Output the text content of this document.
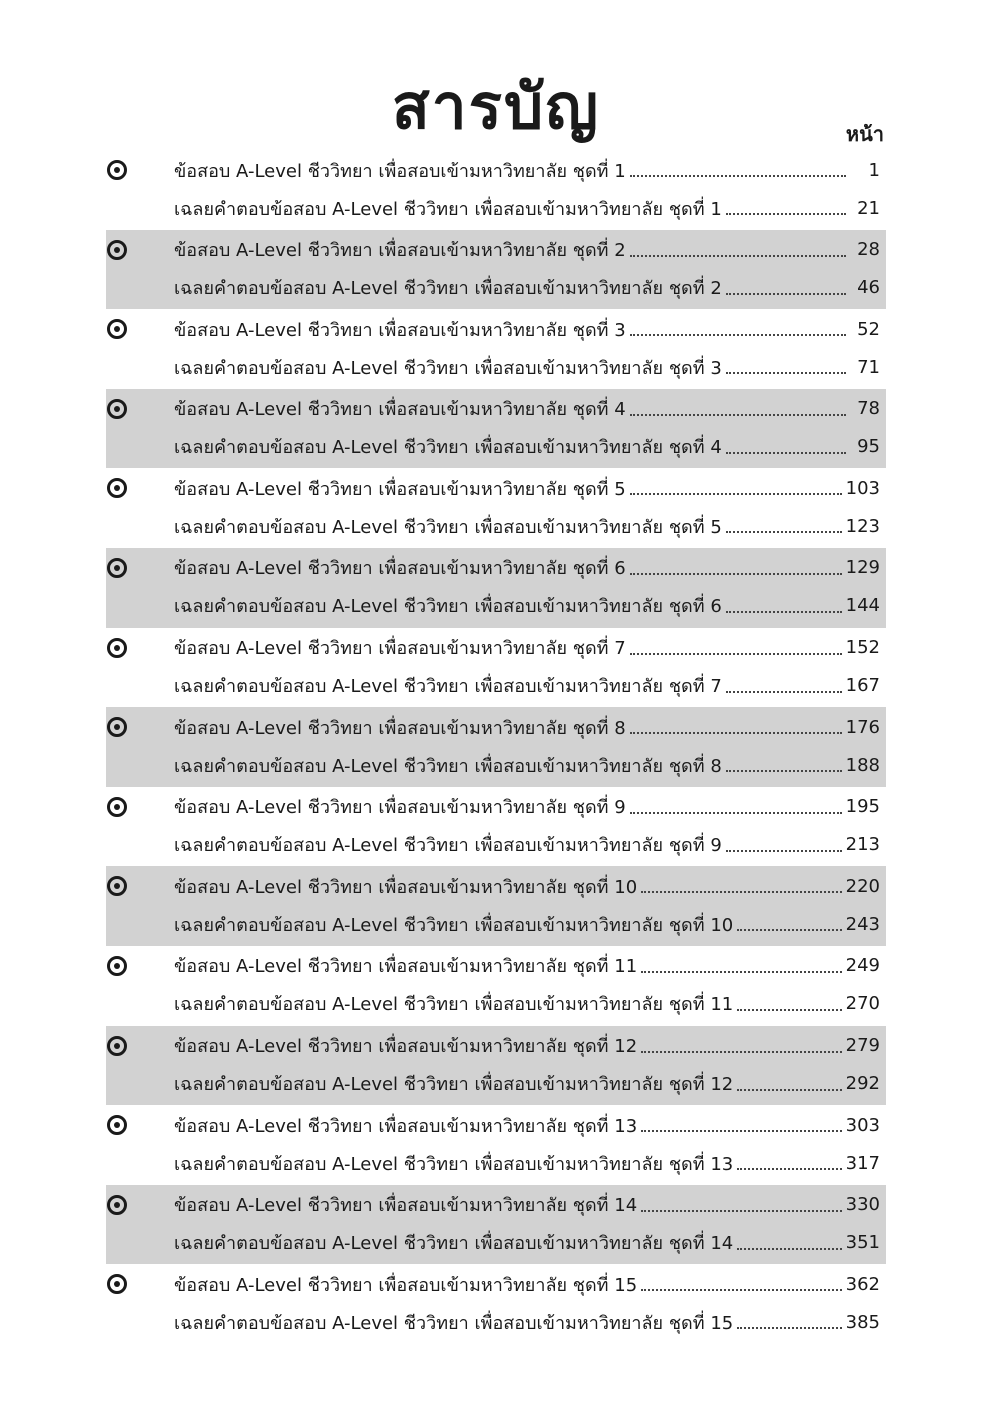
สารบัญ	หน้า
ข้อสอบ A-Level ชีววิทยา เพื่อสอบเข้ามหาวิทยาลัย ชุดที่ 1	1
เฉลยคำตอบข้อสอบ A-Level ชีววิทยา เพื่อสอบเข้ามหาวิทยาลัย ชุดที่ 1	21
ข้อสอบ A-Level ชีววิทยา เพื่อสอบเข้ามหาวิทยาลัย ชุดที่ 2	28
เฉลยคำตอบข้อสอบ A-Level ชีววิทยา เพื่อสอบเข้ามหาวิทยาลัย ชุดที่ 2	46
ข้อสอบ A-Level ชีววิทยา เพื่อสอบเข้ามหาวิทยาลัย ชุดที่ 3	52
เฉลยคำตอบข้อสอบ A-Level ชีววิทยา เพื่อสอบเข้ามหาวิทยาลัย ชุดที่ 3	71
ข้อสอบ A-Level ชีววิทยา เพื่อสอบเข้ามหาวิทยาลัย ชุดที่ 4	78
เฉลยคำตอบข้อสอบ A-Level ชีววิทยา เพื่อสอบเข้ามหาวิทยาลัย ชุดที่ 4	95
ข้อสอบ A-Level ชีววิทยา เพื่อสอบเข้ามหาวิทยาลัย ชุดที่ 5	103
เฉลยคำตอบข้อสอบ A-Level ชีววิทยา เพื่อสอบเข้ามหาวิทยาลัย ชุดที่ 5	123
ข้อสอบ A-Level ชีววิทยา เพื่อสอบเข้ามหาวิทยาลัย ชุดที่ 6	129
เฉลยคำตอบข้อสอบ A-Level ชีววิทยา เพื่อสอบเข้ามหาวิทยาลัย ชุดที่ 6	144
ข้อสอบ A-Level ชีววิทยา เพื่อสอบเข้ามหาวิทยาลัย ชุดที่ 7	152
เฉลยคำตอบข้อสอบ A-Level ชีววิทยา เพื่อสอบเข้ามหาวิทยาลัย ชุดที่ 7	167
ข้อสอบ A-Level ชีววิทยา เพื่อสอบเข้ามหาวิทยาลัย ชุดที่ 8	176
เฉลยคำตอบข้อสอบ A-Level ชีววิทยา เพื่อสอบเข้ามหาวิทยาลัย ชุดที่ 8	188
ข้อสอบ A-Level ชีววิทยา เพื่อสอบเข้ามหาวิทยาลัย ชุดที่ 9	195
เฉลยคำตอบข้อสอบ A-Level ชีววิทยา เพื่อสอบเข้ามหาวิทยาลัย ชุดที่ 9	213
ข้อสอบ A-Level ชีววิทยา เพื่อสอบเข้ามหาวิทยาลัย ชุดที่ 10	220
เฉลยคำตอบข้อสอบ A-Level ชีววิทยา เพื่อสอบเข้ามหาวิทยาลัย ชุดที่ 10	243
ข้อสอบ A-Level ชีววิทยา เพื่อสอบเข้ามหาวิทยาลัย ชุดที่ 11	249
เฉลยคำตอบข้อสอบ A-Level ชีววิทยา เพื่อสอบเข้ามหาวิทยาลัย ชุดที่ 11	270
ข้อสอบ A-Level ชีววิทยา เพื่อสอบเข้ามหาวิทยาลัย ชุดที่ 12	279
เฉลยคำตอบข้อสอบ A-Level ชีววิทยา เพื่อสอบเข้ามหาวิทยาลัย ชุดที่ 12	292
ข้อสอบ A-Level ชีววิทยา เพื่อสอบเข้ามหาวิทยาลัย ชุดที่ 13	303
เฉลยคำตอบข้อสอบ A-Level ชีววิทยา เพื่อสอบเข้ามหาวิทยาลัย ชุดที่ 13	317
ข้อสอบ A-Level ชีววิทยา เพื่อสอบเข้ามหาวิทยาลัย ชุดที่ 14	330
เฉลยคำตอบข้อสอบ A-Level ชีววิทยา เพื่อสอบเข้ามหาวิทยาลัย ชุดที่ 14	351
ข้อสอบ A-Level ชีววิทยา เพื่อสอบเข้ามหาวิทยาลัย ชุดที่ 15	362
เฉลยคำตอบข้อสอบ A-Level ชีววิทยา เพื่อสอบเข้ามหาวิทยาลัย ชุดที่ 15	385
